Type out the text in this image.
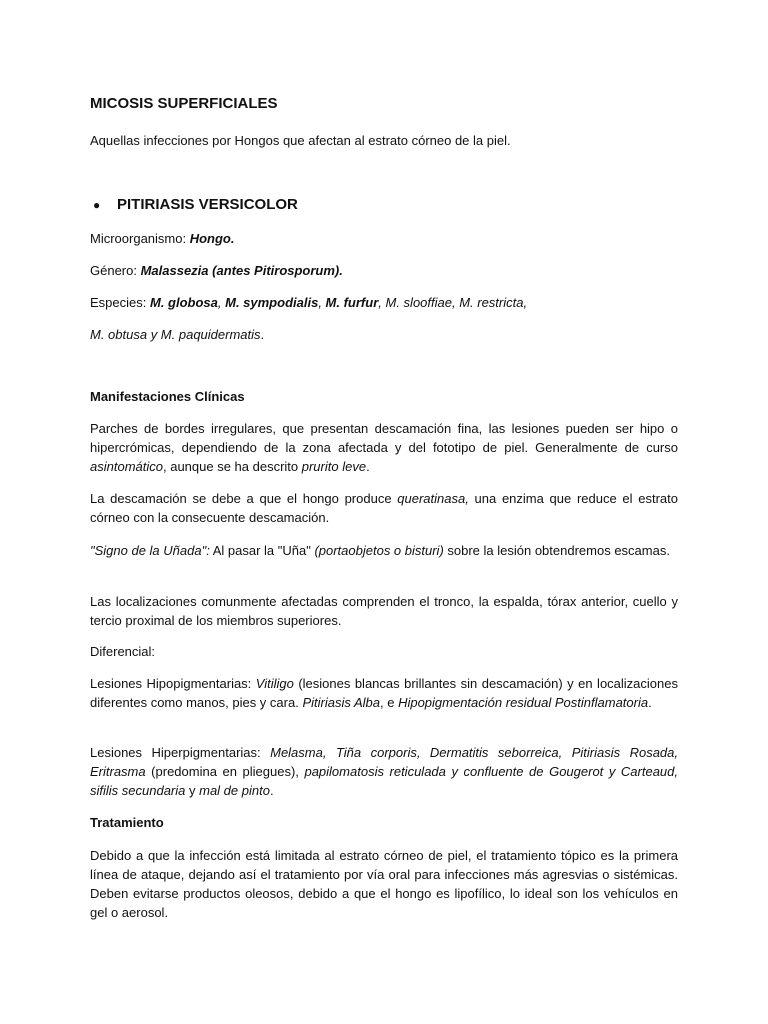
MICOSIS SUPERFICIALES

Aquellas infecciones por Hongos que afectan al estrato córneo de la piel.

● PITIRIASIS VERSICOLOR

Microorganismo: Hongo.

Género: Malassezia (antes Pitirosporum).

Especies: M. globosa, M. sympodialis, M. furfur, M. slooffiae, M. restricta,

M. obtusa y M. paquidermatis.

Manifestaciones Clínicas

Parches de bordes irregulares, que presentan descamación fina, las lesiones pueden ser hipo o hipercrómicas, dependiendo de la zona afectada y del fototipo de piel. Generalmente de curso asintomático, aunque se ha descrito prurito leve.

La descamación se debe a que el hongo produce queratinasa, una enzima que reduce el estrato córneo con la consecuente descamación.

"Signo de la Uñada": Al pasar la "Uña" (portaobjetos o bisturi) sobre la lesión obtendremos escamas.

Las localizaciones comunmente afectadas comprenden el tronco, la espalda, tórax anterior, cuello y tercio proximal de los miembros superiores.

Diferencial:

Lesiones Hipopigmentarias: Vitiligo (lesiones blancas brillantes sin descamación) y en localizaciones diferentes como manos, pies y cara. Pitiriasis Alba, e Hipopigmentación residual Postinflamatoria.

Lesiones Hiperpigmentarias: Melasma, Tiña corporis, Dermatitis seborreica, Pitiriasis Rosada, Eritrasma (predomina en pliegues), papilomatosis reticulada y confluente de Gougerot y Carteaud, sifilis secundaria y mal de pinto.

Tratamiento

Debido a que la infección está limitada al estrato córneo de piel, el tratamiento tópico es la primera línea de ataque, dejando así el tratamiento por vía oral para infecciones más agresvias o sistémicas. Deben evitarse productos oleosos, debido a que el hongo es lipofílico, lo ideal son los vehículos en gel o aerosol.
